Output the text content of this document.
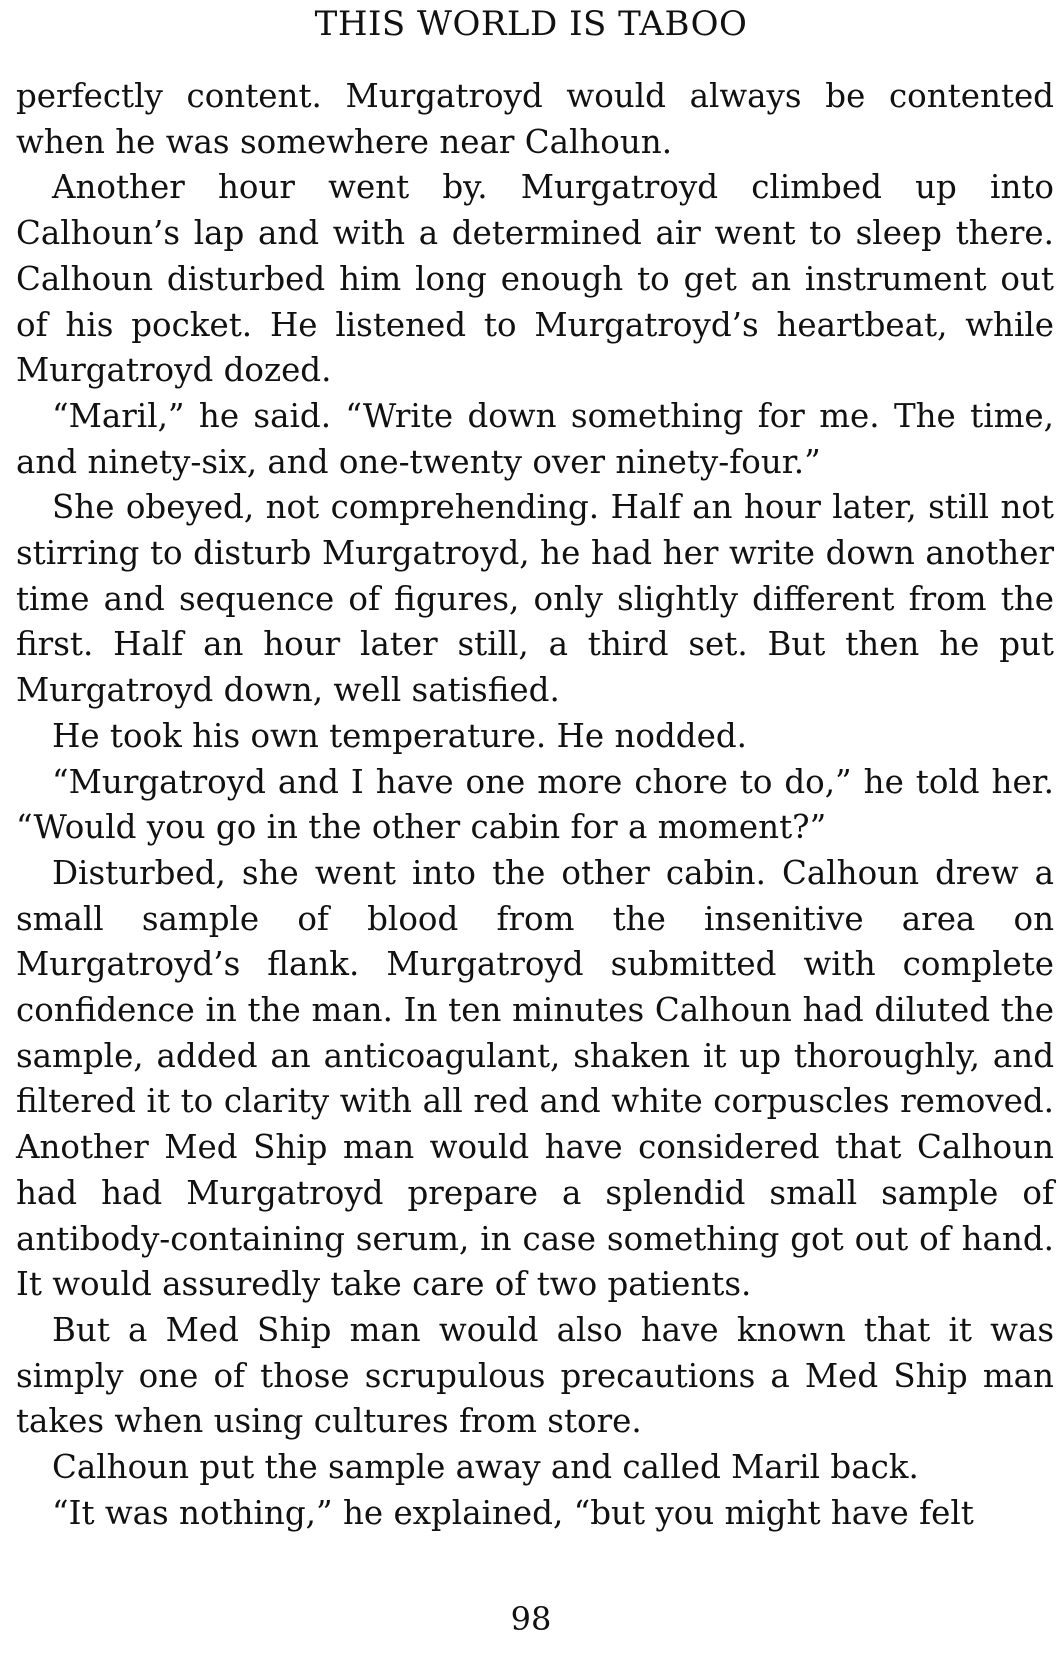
THIS WORLD IS TABOO

perfectly content. Murgatroyd would always be contented when he was somewhere near Calhoun.

Another hour went by. Murgatroyd climbed up into Calhoun’s lap and with a determined air went to sleep there. Calhoun disturbed him long enough to get an instrument out of his pocket. He listened to Murgatroyd’s heartbeat, while Murgatroyd dozed.

“Maril,” he said. “Write down something for me. The time, and ninety-six, and one-twenty over ninety-four.”

She obeyed, not comprehending. Half an hour later, still not stirring to disturb Murgatroyd, he had her write down another time and sequence of figures, only slightly different from the first. Half an hour later still, a third set. But then he put Murgatroyd down, well satisfied.

He took his own temperature. He nodded.

“Murgatroyd and I have one more chore to do,” he told her. “Would you go in the other cabin for a moment?”

Disturbed, she went into the other cabin. Calhoun drew a small sample of blood from the insenitive area on Murgatroyd’s flank. Murgatroyd submitted with complete confidence in the man. In ten minutes Calhoun had diluted the sample, added an anticoagulant, shaken it up thoroughly, and filtered it to clarity with all red and white corpuscles removed. Another Med Ship man would have considered that Calhoun had had Murgatroyd prepare a splendid small sample of antibody-containing serum, in case something got out of hand. It would assuredly take care of two patients.

But a Med Ship man would also have known that it was simply one of those scrupulous precautions a Med Ship man takes when using cultures from store.

Calhoun put the sample away and called Maril back.

“It was nothing,” he explained, “but you might have felt

98
